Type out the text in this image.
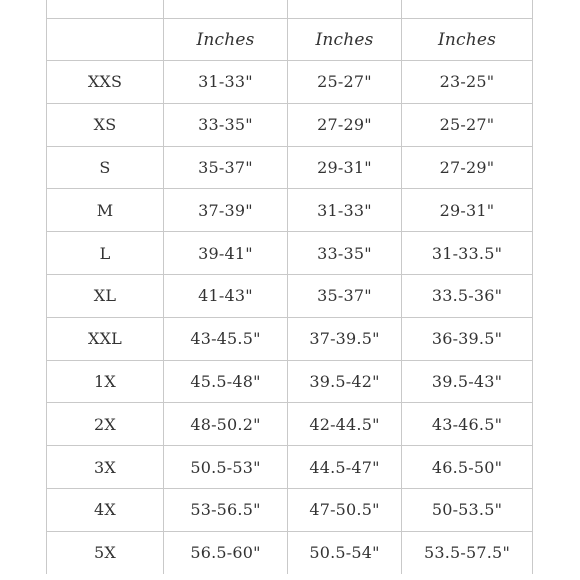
	Inches	Inches	Inches
XXS	31-33"	25-27"	23-25"
XS	33-35"	27-29"	25-27"
S	35-37"	29-31"	27-29"
M	37-39"	31-33"	29-31"
L	39-41"	33-35"	31-33.5"
XL	41-43"	35-37"	33.5-36"
XXL	43-45.5"	37-39.5"	36-39.5"
1X	45.5-48"	39.5-42"	39.5-43"
2X	48-50.2"	42-44.5"	43-46.5"
3X	50.5-53"	44.5-47"	46.5-50"
4X	53-56.5"	47-50.5"	50-53.5"
5X	56.5-60"	50.5-54"	53.5-57.5"
